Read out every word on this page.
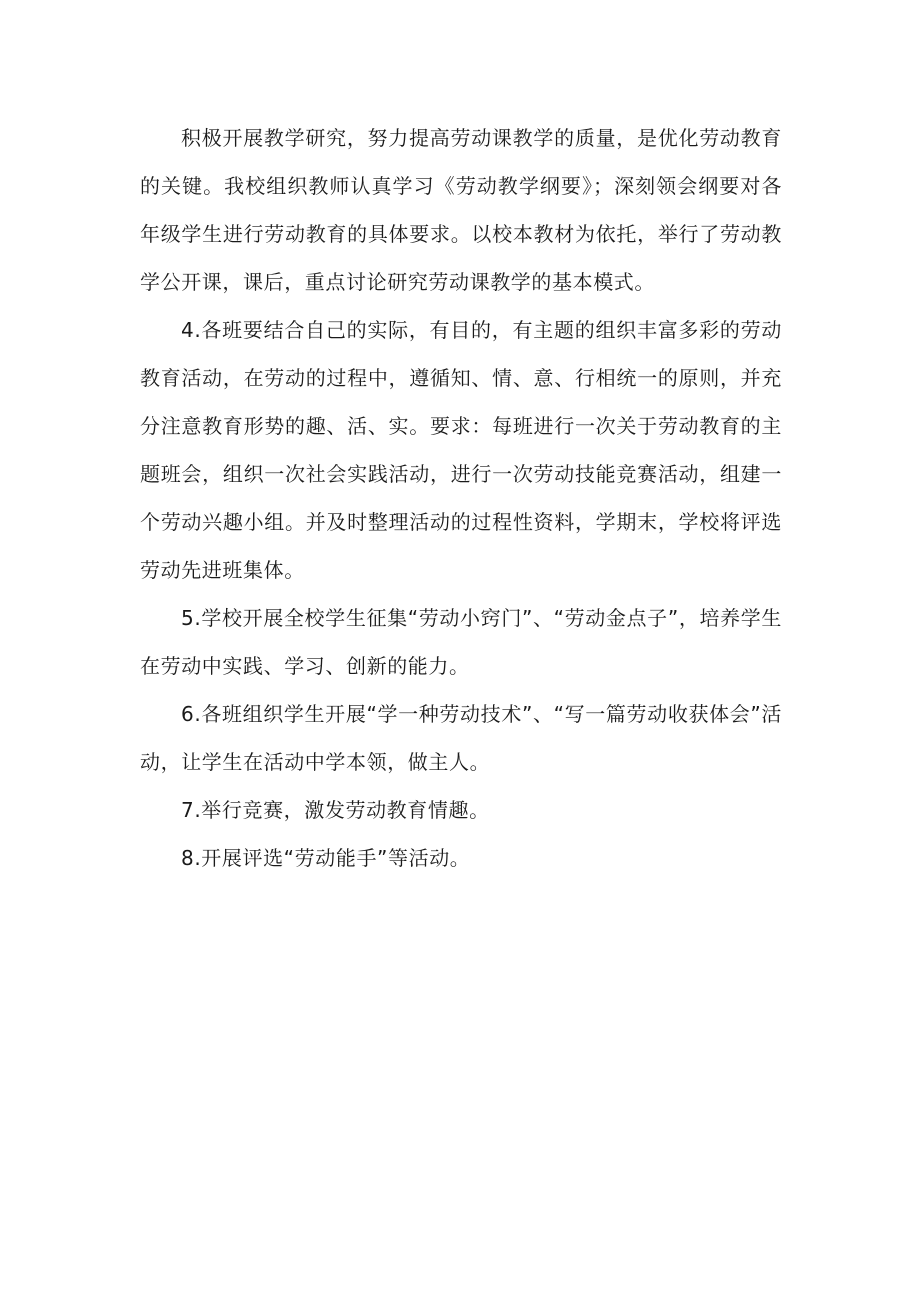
积极开展教学研究，努力提高劳动课教学的质量，是优化劳动教育的关键。我校组织教师认真学习《劳动教学纲要》；深刻领会纲要对各年级学生进行劳动教育的具体要求。以校本教材为依托，举行了劳动教学公开课，课后，重点讨论研究劳动课教学的基本模式。

4.各班要结合自己的实际，有目的，有主题的组织丰富多彩的劳动教育活动，在劳动的过程中，遵循知、情、意、行相统一的原则，并充分注意教育形势的趣、活、实。要求：每班进行一次关于劳动教育的主题班会，组织一次社会实践活动，进行一次劳动技能竞赛活动，组建一个劳动兴趣小组。并及时整理活动的过程性资料，学期末，学校将评选劳动先进班集体。

5.学校开展全校学生征集“劳动小窍门”、“劳动金点子”，培养学生在劳动中实践、学习、创新的能力。

6.各班组织学生开展“学一种劳动技术”、“写一篇劳动收获体会”活动，让学生在活动中学本领，做主人。

7.举行竞赛，激发劳动教育情趣。

8.开展评选“劳动能手”等活动。
